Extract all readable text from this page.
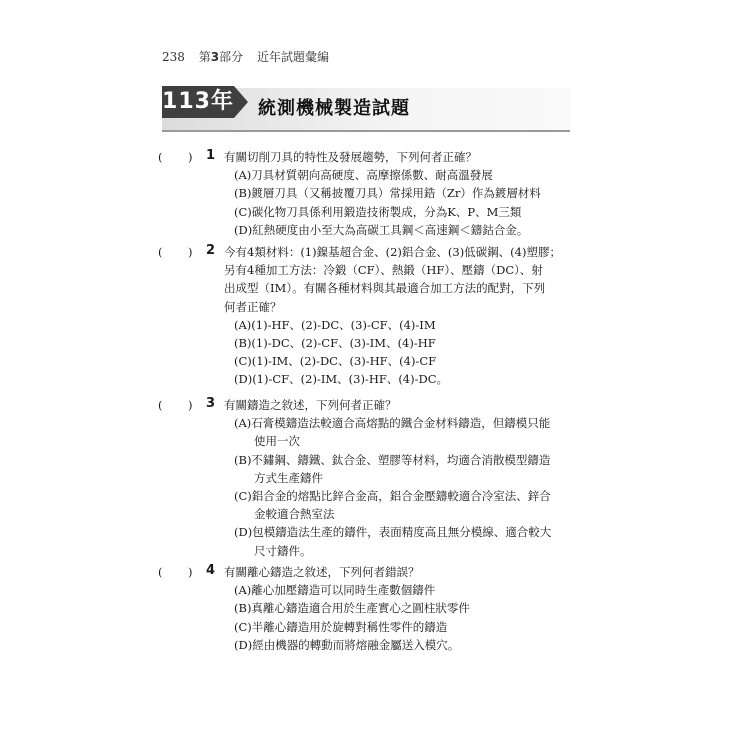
238 第3部分 近年試題彙編
113年 統測機械製造試題
( ) 1 有關切削刀具的特性及發展趨勢，下列何者正確？
(A)刀具材質朝向高硬度、高摩擦係數、耐高溫發展
(B)鍍層刀具（又稱披覆刀具）常採用鋯（Zr）作為鍍層材料
(C)碳化物刀具係利用鍛造技術製成，分為K、P、M三類
(D)紅熱硬度由小至大為高碳工具鋼＜高速鋼＜鑄鈷合金。
( ) 2 今有4類材料：(1)鎳基超合金、(2)鋁合金、(3)低碳鋼、(4)塑膠；
另有4種加工方法：冷鍛（CF）、熱鍛（HF）、壓鑄（DC）、射
出成型（IM）。有關各種材料與其最適合加工方法的配對，下列
何者正確？
(A)(1)-HF、(2)-DC、(3)-CF、(4)-IM
(B)(1)-DC、(2)-CF、(3)-IM、(4)-HF
(C)(1)-IM、(2)-DC、(3)-HF、(4)-CF
(D)(1)-CF、(2)-IM、(3)-HF、(4)-DC。
( ) 3 有關鑄造之敘述，下列何者正確？
(A)石膏模鑄造法較適合高熔點的鐵合金材料鑄造，但鑄模只能
使用一次
(B)不鏽鋼、鑄鐵、鈦合金、塑膠等材料，均適合消散模型鑄造
方式生產鑄件
(C)鋁合金的熔點比鋅合金高，鋁合金壓鑄較適合冷室法、鋅合
金較適合熱室法
(D)包模鑄造法生產的鑄件，表面精度高且無分模線、適合較大
尺寸鑄件。
( ) 4 有關離心鑄造之敘述，下列何者錯誤？
(A)離心加壓鑄造可以同時生產數個鑄件
(B)真離心鑄造適合用於生產實心之圓柱狀零件
(C)半離心鑄造用於旋轉對稱性零件的鑄造
(D)經由機器的轉動而將熔融金屬送入模穴。
